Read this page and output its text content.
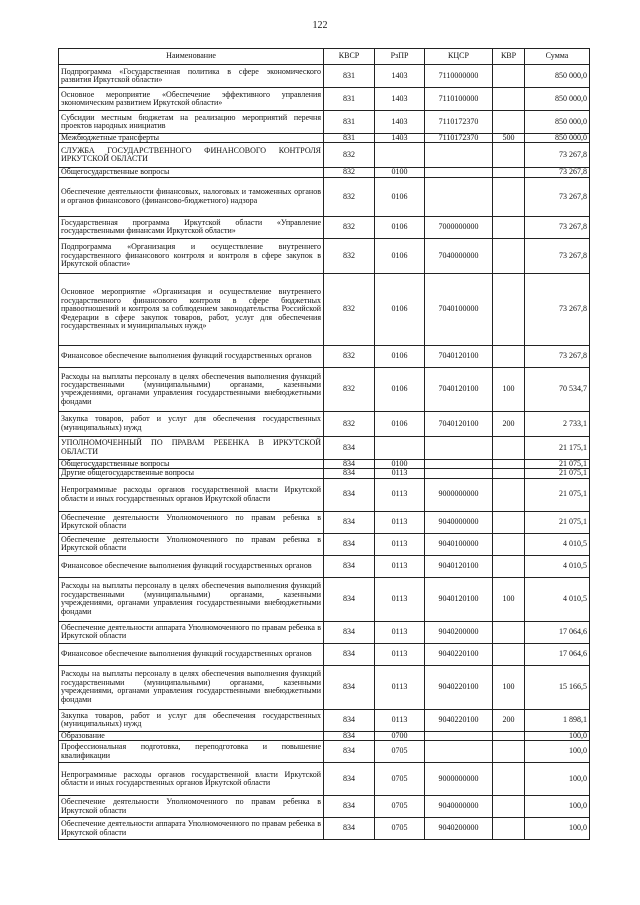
122
Наименование	КВСР	РзПР	КЦСР	КВР	Сумма
Подпрограмма «Государственная политика в сфере экономического развития Иркутской области»	831	1403	7110000000		850 000,0
Основное мероприятие «Обеспечение эффективного управления экономическим развитием Иркутской области»	831	1403	7110100000		850 000,0
Субсидии местным бюджетам на реализацию мероприятий перечня проектов народных инициатив	831	1403	7110172370		850 000,0
Межбюджетные трансферты	831	1403	7110172370	500	850 000,0
СЛУЖБА ГОСУДАРСТВЕННОГО ФИНАНСОВОГО КОНТРОЛЯ ИРКУТСКОЙ ОБЛАСТИ	832				73 267,8
Общегосударственные вопросы	832	0100			73 267,8
Обеспечение деятельности финансовых, налоговых и таможенных органов и органов финансового (финансово-бюджетного) надзора	832	0106			73 267,8
Государственная программа Иркутской области «Управление государственными финансами Иркутской области»	832	0106	7000000000		73 267,8
Подпрограмма «Организация и осуществление внутреннего государственного финансового контроля и контроля в сфере закупок в Иркутской области»	832	0106	7040000000		73 267,8
Основное мероприятие «Организация и осуществление внутреннего государственного финансового контроля в сфере бюджетных правоотношений и контроля за соблюдением законодательства Российской Федерации в сфере закупок товаров, работ, услуг для обеспечения государственных и муниципальных нужд»	832	0106	7040100000		73 267,8
Финансовое обеспечение выполнения функций государственных органов	832	0106	7040120100		73 267,8
Расходы на выплаты персоналу в целях обеспечения выполнения функций государственными (муниципальными) органами, казенными учреждениями, органами управления государственными внебюджетными фондами	832	0106	7040120100	100	70 534,7
Закупка товаров, работ и услуг для обеспечения государственных (муниципальных) нужд	832	0106	7040120100	200	2 733,1
УПОЛНОМОЧЕННЫЙ ПО ПРАВАМ РЕБЕНКА В ИРКУТСКОЙ ОБЛАСТИ	834				21 175,1
Общегосударственные вопросы	834	0100			21 075,1
Другие общегосударственные вопросы	834	0113			21 075,1
Непрограммные расходы органов государственной власти Иркутской области и иных государственных органов Иркутской области	834	0113	9000000000		21 075,1
Обеспечение деятельности Уполномоченного по правам ребенка в Иркутской области	834	0113	9040000000		21 075,1
Обеспечение деятельности Уполномоченного по правам ребенка в Иркутской области	834	0113	9040100000		4 010,5
Финансовое обеспечение выполнения функций государственных органов	834	0113	9040120100		4 010,5
Расходы на выплаты персоналу в целях обеспечения выполнения функций государственными (муниципальными) органами, казенными учреждениями, органами управления государственными внебюджетными фондами	834	0113	9040120100	100	4 010,5
Обеспечение деятельности аппарата Уполномоченного по правам ребенка в Иркутской области	834	0113	9040200000		17 064,6
Финансовое обеспечение выполнения функций государственных органов	834	0113	9040220100		17 064,6
Расходы на выплаты персоналу в целях обеспечения выполнения функций государственными (муниципальными) органами, казенными учреждениями, органами управления государственными внебюджетными фондами	834	0113	9040220100	100	15 166,5
Закупка товаров, работ и услуг для обеспечения государственных (муниципальных) нужд	834	0113	9040220100	200	1 898,1
Образование	834	0700			100,0
Профессиональная подготовка, переподготовка и повышение квалификации	834	0705			100,0
Непрограммные расходы органов государственной власти Иркутской области и иных государственных органов Иркутской области	834	0705	9000000000		100,0
Обеспечение деятельности Уполномоченного по правам ребенка в Иркутской области	834	0705	9040000000		100,0
Обеспечение деятельности аппарата Уполномоченного по правам ребенка в Иркутской области	834	0705	9040200000		100,0
